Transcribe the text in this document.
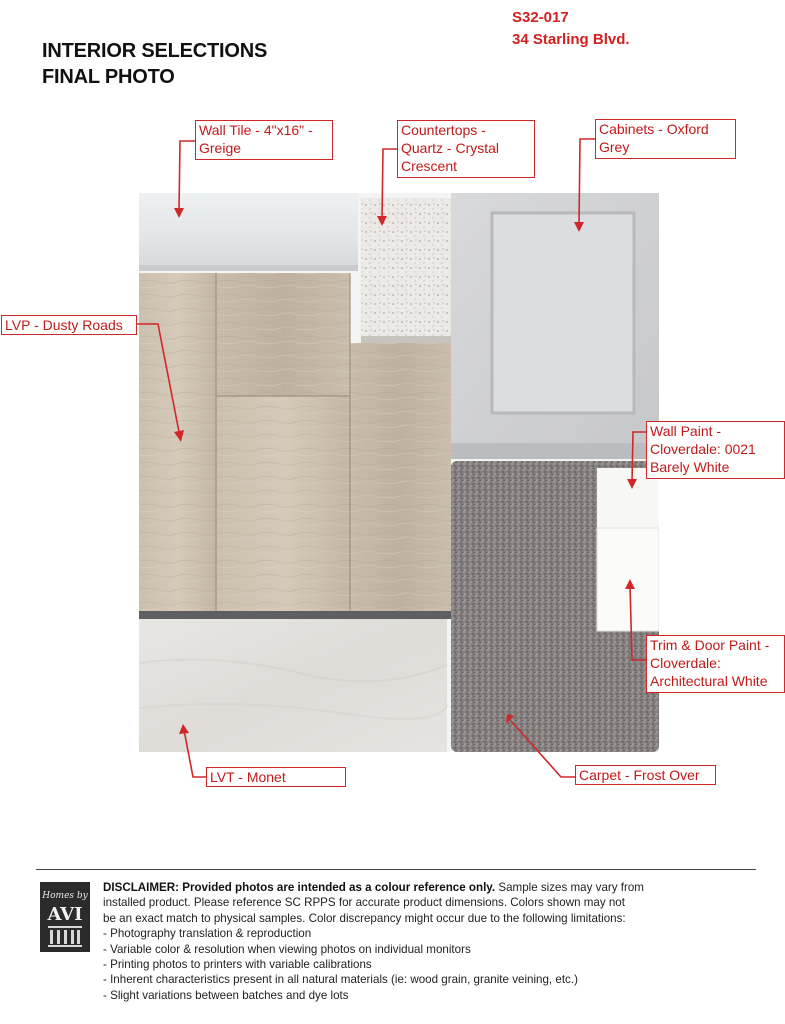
INTERIOR SELECTIONS
FINAL PHOTO
S32-017
34 Starling Blvd.
Wall Tile - 4"x16" -
Greige
Countertops -
Quartz - Crystal
Crescent
Cabinets - Oxford
Grey
LVP - Dusty Roads
Wall Paint -
Cloverdale: 0021
Barely White
Trim & Door Paint -
Cloverdale:
Architectural White
LVT - Monet	Carpet - Frost Over
Homes by
AVI
DISCLAIMER: Provided photos are intended as a colour reference only. Sample sizes may vary from
installed product. Please reference SC RPPS for accurate product dimensions. Colors shown may not
be an exact match to physical samples. Color discrepancy might occur due to the following limitations:
- Photography translation & reproduction
- Variable color & resolution when viewing photos on individual monitors
- Printing photos to printers with variable calibrations
- Inherent characteristics present in all natural materials (ie: wood grain, granite veining, etc.)
- Slight variations between batches and dye lots
